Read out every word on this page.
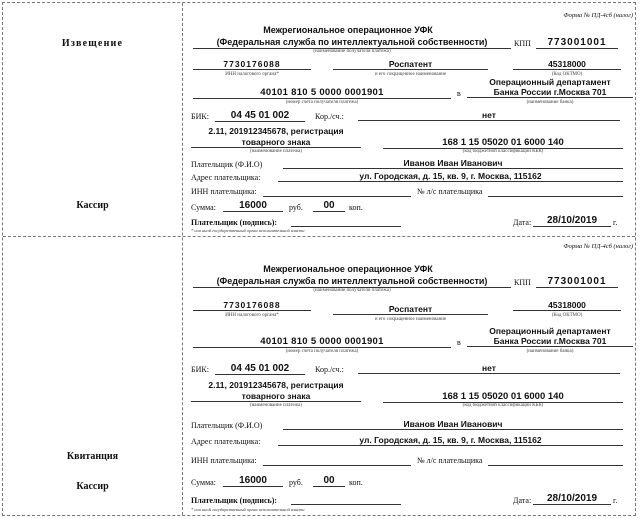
Извещение
Кассир
Квитанция
Кассир
Форма № ПД-4сб (налог)
Межрегиональное операционное УФК
(Федеральная служба по интеллектуальной собственности)
(наименование получателя платежа)
КПП	773001001
7730176088
ИНН налогового органа*
Роспатент
и его сокращенное наименование
45318000
(Код ОКТМО)
40101 810 5 0000 0001901
(номер счета получателя платежа)
в
Операционный департамент
Банка России г.Москва 701
(наименование банка)
БИК:	04 45 01 002	Кор./сч.:	нет
2.11, 201912345678, регистрация
товарного знака
(наименование платежа)
168 1 15 05020 01 6000 140
(код бюджетной классификации КБК)
Плательщик (Ф.И.О)	Иванов Иван Иванович
Адрес плательщика:	ул. Городская, д. 15, кв. 9, г. Москва, 115162
ИНН плательщика:	№ л/с плательщика
Сумма:	16000	руб.	00	коп.
Плательщик (подпись):	Дата:	28/10/2019	г.
* или иной государственный орган исполнительной власти
Форма № ПД-4сб (налог)
Межрегиональное операционное УФК
(Федеральная служба по интеллектуальной собственности)
(наименование получателя платежа)
КПП	773001001
7730176088
ИНН налогового органа*
Роспатент
и его сокращенное наименование
45318000
(Код ОКТМО)
40101 810 5 0000 0001901
(номер счета получателя платежа)
в
Операционный департамент
Банка России г.Москва 701
(наименование банка)
БИК:	04 45 01 002	Кор./сч.:	нет
2.11, 201912345678, регистрация
товарного знака
(наименование платежа)
168 1 15 05020 01 6000 140
(код бюджетной классификации КБК)
Плательщик (Ф.И.О)	Иванов Иван Иванович
Адрес плательщика:	ул. Городская, д. 15, кв. 9, г. Москва, 115162
ИНН плательщика:	№ л/с плательщика
Сумма:	16000	руб.	00	коп.
Плательщик (подпись):	Дата:	28/10/2019	г.
* или иной государственный орган исполнительной власти
